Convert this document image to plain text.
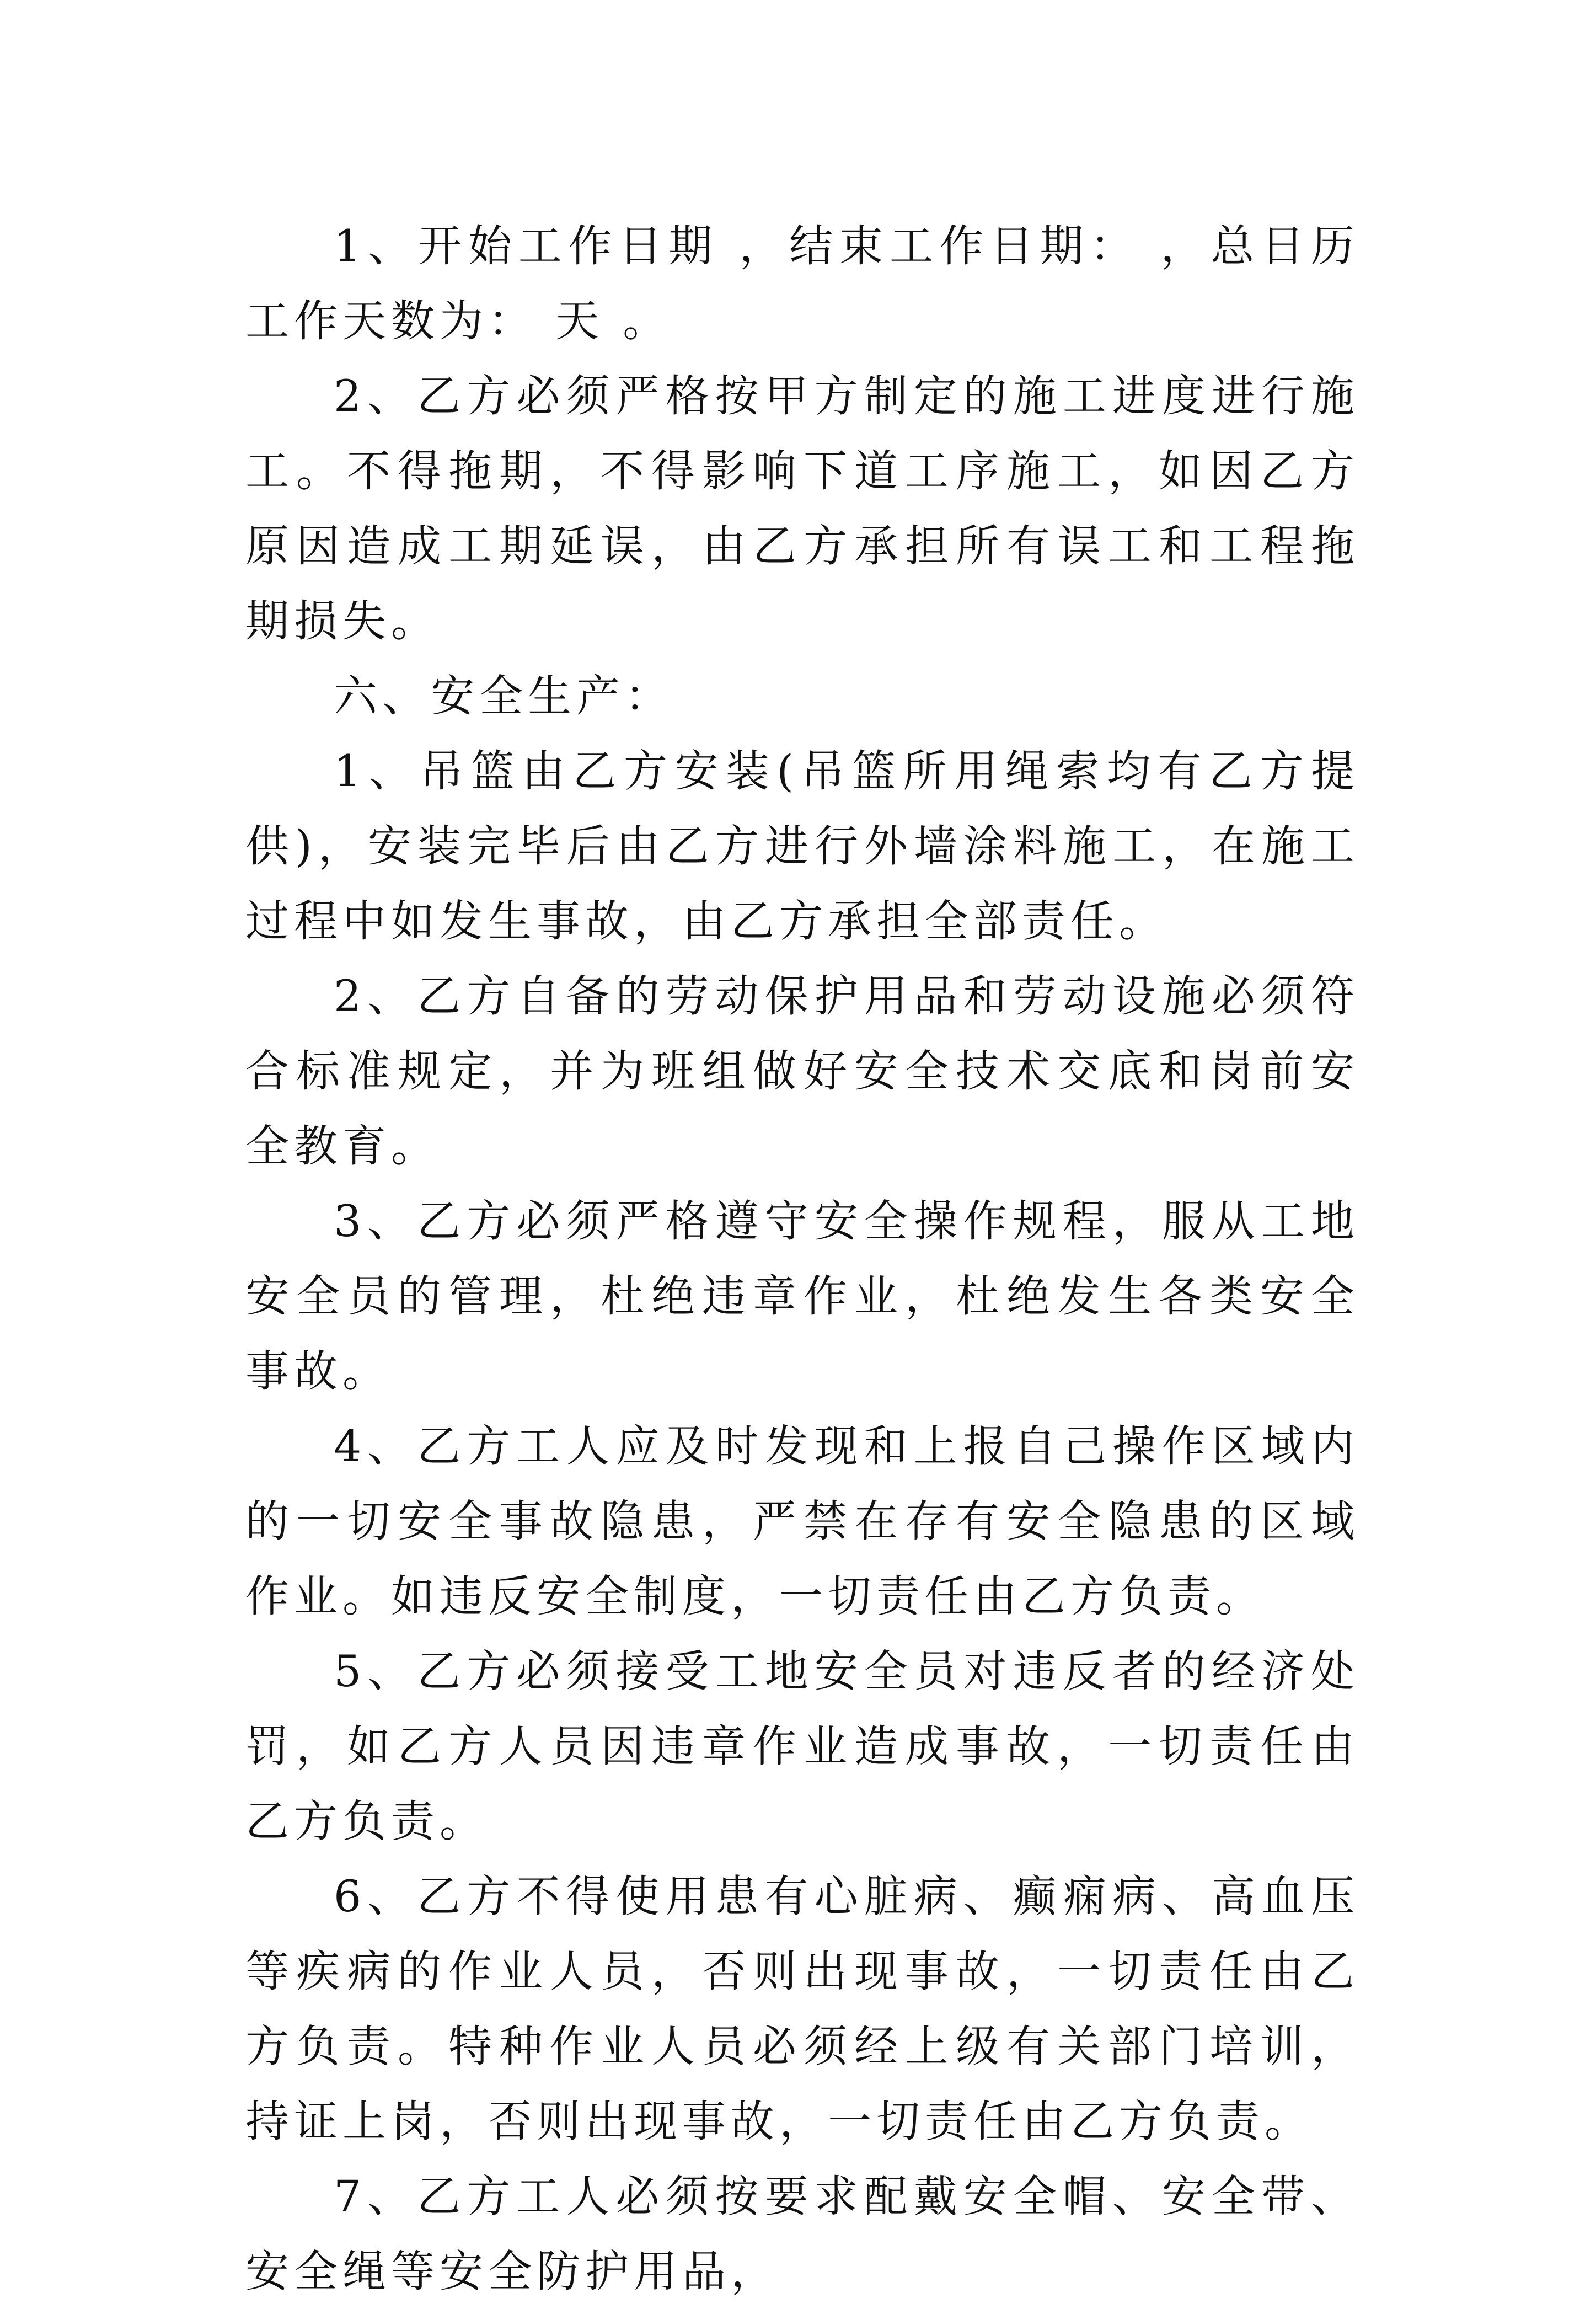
1、开始工作日期 ，结束工作日期： ，总日历工作天数为： 天 。

2、乙方必须严格按甲方制定的施工进度进行施工。不得拖期，不得影响下道工序施工，如因乙方原因造成工期延误，由乙方承担所有误工和工程拖期损失。

六、安全生产：

1、吊篮由乙方安装(吊篮所用绳索均有乙方提供)，安装完毕后由乙方进行外墙涂料施工，在施工过程中如发生事故，由乙方承担全部责任。

2、乙方自备的劳动保护用品和劳动设施必须符合标准规定，并为班组做好安全技术交底和岗前安全教育。

3、乙方必须严格遵守安全操作规程，服从工地安全员的管理，杜绝违章作业，杜绝发生各类安全事故。

4、乙方工人应及时发现和上报自己操作区域内的一切安全事故隐患，严禁在存有安全隐患的区域作业。如违反安全制度，一切责任由乙方负责。

5、乙方必须接受工地安全员对违反者的经济处罚，如乙方人员因违章作业造成事故，一切责任由乙方负责。

6、乙方不得使用患有心脏病、癫痫病、高血压等疾病的作业人员，否则出现事故，一切责任由乙方负责。特种作业人员必须经上级有关部门培训，持证上岗，否则出现事故，一切责任由乙方负责。

7、乙方工人必须按要求配戴安全帽、安全带、安全绳等安全防护用品，
